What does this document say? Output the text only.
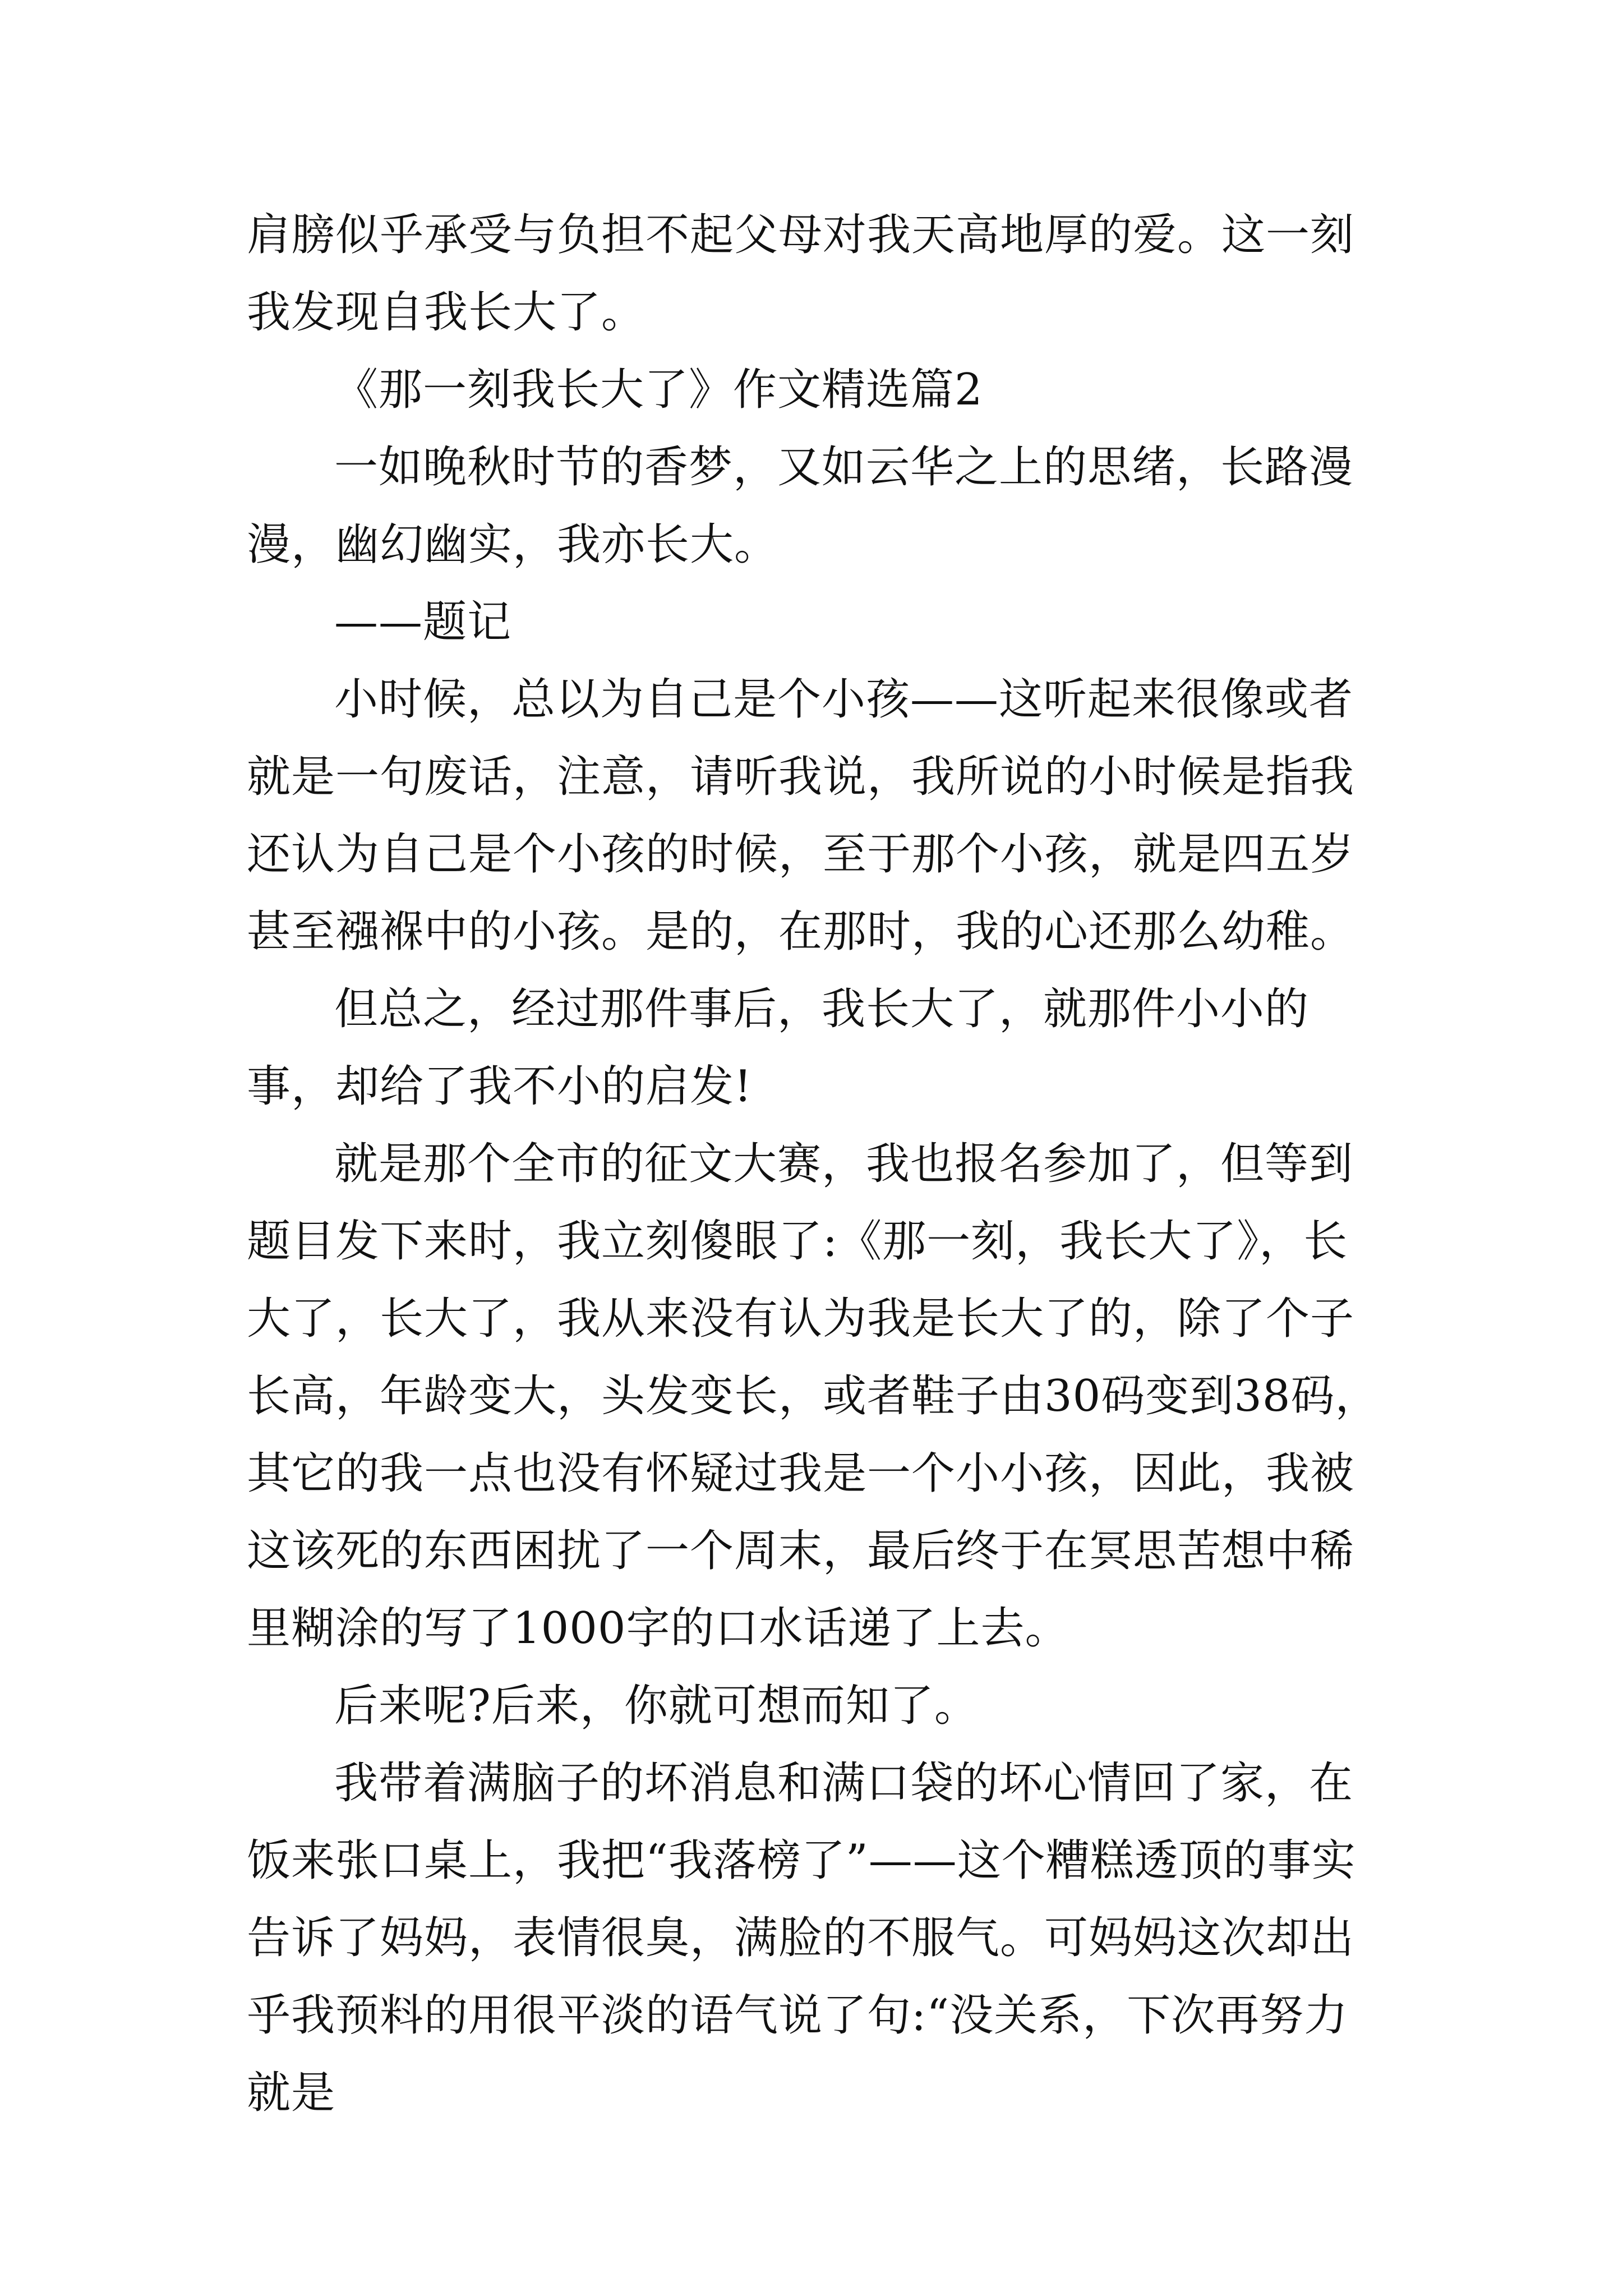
肩膀似乎承受与负担不起父母对我天高地厚的爱。这一刻我发现自我长大了。

《那一刻我长大了》作文精选篇2

一如晚秋时节的香梦，又如云华之上的思绪，长路漫漫，幽幻幽实，我亦长大。

——题记

小时候，总以为自己是个小孩——这听起来很像或者就是一句废话，注意，请听我说，我所说的小时候是指我还认为自己是个小孩的时候，至于那个小孩，就是四五岁甚至襁褓中的小孩。是的，在那时，我的心还那么幼稚。

但总之，经过那件事后，我长大了，就那件小小的事，却给了我不小的启发!

就是那个全市的征文大赛，我也报名参加了，但等到题目发下来时，我立刻傻眼了:《那一刻，我长大了》，长大了，长大了，我从来没有认为我是长大了的，除了个子长高，年龄变大，头发变长，或者鞋子由30码变到38码，其它的我一点也没有怀疑过我是一个小小孩，因此，我被这该死的东西困扰了一个周末，最后终于在冥思苦想中稀里糊涂的写了1000字的口水话递了上去。

后来呢?后来，你就可想而知了。

我带着满脑子的坏消息和满口袋的坏心情回了家，在饭来张口桌上，我把“我落榜了”——这个糟糕透顶的事实告诉了妈妈，表情很臭，满脸的不服气。可妈妈这次却出乎我预料的用很平淡的语气说了句:“没关系，下次再努力就是
